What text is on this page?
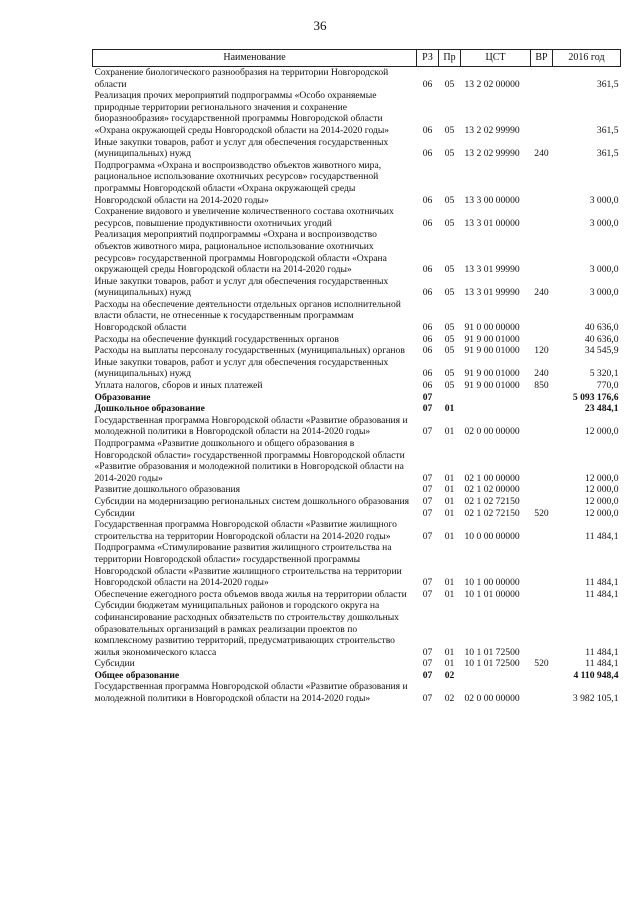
36
Наименование	РЗ	Пр	ЦСТ	ВР	2016 год
Сохранение биологического разнообразия на территории Новгородской области	06	05	13 2 02 00000		361,5
Реализация прочих мероприятий подпрограммы «Особо охраняемые природные территории регионального значения и сохранение биоразнообразия» государственной программы Новгородской области «Охрана окружающей среды Новгородской области на 2014-2020 годы»	06	05	13 2 02 99990		361,5
Иные закупки товаров, работ и услуг для обеспечения государственных (муниципальных) нужд	06	05	13 2 02 99990	240	361,5
Подпрограмма «Охрана и воспроизводство объектов животного мира, рациональное использование охотничьих ресурсов» государственной программы Новгородской области «Охрана окружающей среды Новгородской области на 2014-2020 годы»	06	05	13 3 00 00000		3 000,0
Сохранение видового и увеличение количественного состава охотничьих ресурсов, повышение продуктивности охотничьих угодий	06	05	13 3 01 00000		3 000,0
Реализация мероприятий подпрограммы «Охрана и воспроизводство объектов животного мира, рациональное использование охотничьих ресурсов» государственной программы Новгородской области «Охрана окружающей среды Новгородской области на 2014-2020 годы»	06	05	13 3 01 99990		3 000,0
Иные закупки товаров, работ и услуг для обеспечения государственных (муниципальных) нужд	06	05	13 3 01 99990	240	3 000,0
Расходы на обеспечение деятельности отдельных органов исполнительной власти области, не отнесенные к государственным программам Новгородской области	06	05	91 0 00 00000		40 636,0
Расходы на обеспечение функций государственных органов	06	05	91 9 00 01000		40 636,0
Расходы на выплаты персоналу государственных (муниципальных) органов	06	05	91 9 00 01000	120	34 545,9
Иные закупки товаров, работ и услуг для обеспечения государственных (муниципальных) нужд	06	05	91 9 00 01000	240	5 320,1
Уплата налогов, сборов и иных платежей	06	05	91 9 00 01000	850	770,0
Образование	07				5 093 176,6
Дошкольное образование	07	01			23 484,1
Государственная программа Новгородской области «Развитие образования и молодежной политики в Новгородской области на 2014-2020 годы»	07	01	02 0 00 00000		12 000,0
Подпрограмма «Развитие дошкольного и общего образования в Новгородской области» государственной программы Новгородской области «Развитие образования и молодежной политики в Новгородской области на 2014-2020 годы»	07	01	02 1 00 00000		12 000,0
Развитие дошкольного образования	07	01	02 1 02 00000		12 000,0
Субсидии на модернизацию региональных систем дошкольного образования	07	01	02 1 02 72150		12 000,0
Субсидии	07	01	02 1 02 72150	520	12 000,0
Государственная программа Новгородской области «Развитие жилищного строительства на территории Новгородской области на 2014-2020 годы»	07	01	10 0 00 00000		11 484,1
Подпрограмма «Стимулирование развития жилищного строительства на территории Новгородской области» государственной программы Новгородской области «Развитие жилищного строительства на территории Новгородской области на 2014-2020 годы»	07	01	10 1 00 00000		11 484,1
Обеспечение ежегодного роста объемов ввода жилья на территории области	07	01	10 1 01 00000		11 484,1
Субсидии бюджетам муниципальных районов и городского округа на софинансирование расходных обязательств по строительству дошкольных образовательных организаций в рамках реализации проектов по комплексному развитию территорий, предусматривающих строительство жилья экономического класса	07	01	10 1 01 72500		11 484,1
Субсидии	07	01	10 1 01 72500	520	11 484,1
Общее образование	07	02			4 110 948,4
Государственная программа Новгородской области «Развитие образования и молодежной политики в Новгородской области на 2014-2020 годы»	07	02	02 0 00 00000		3 982 105,1
